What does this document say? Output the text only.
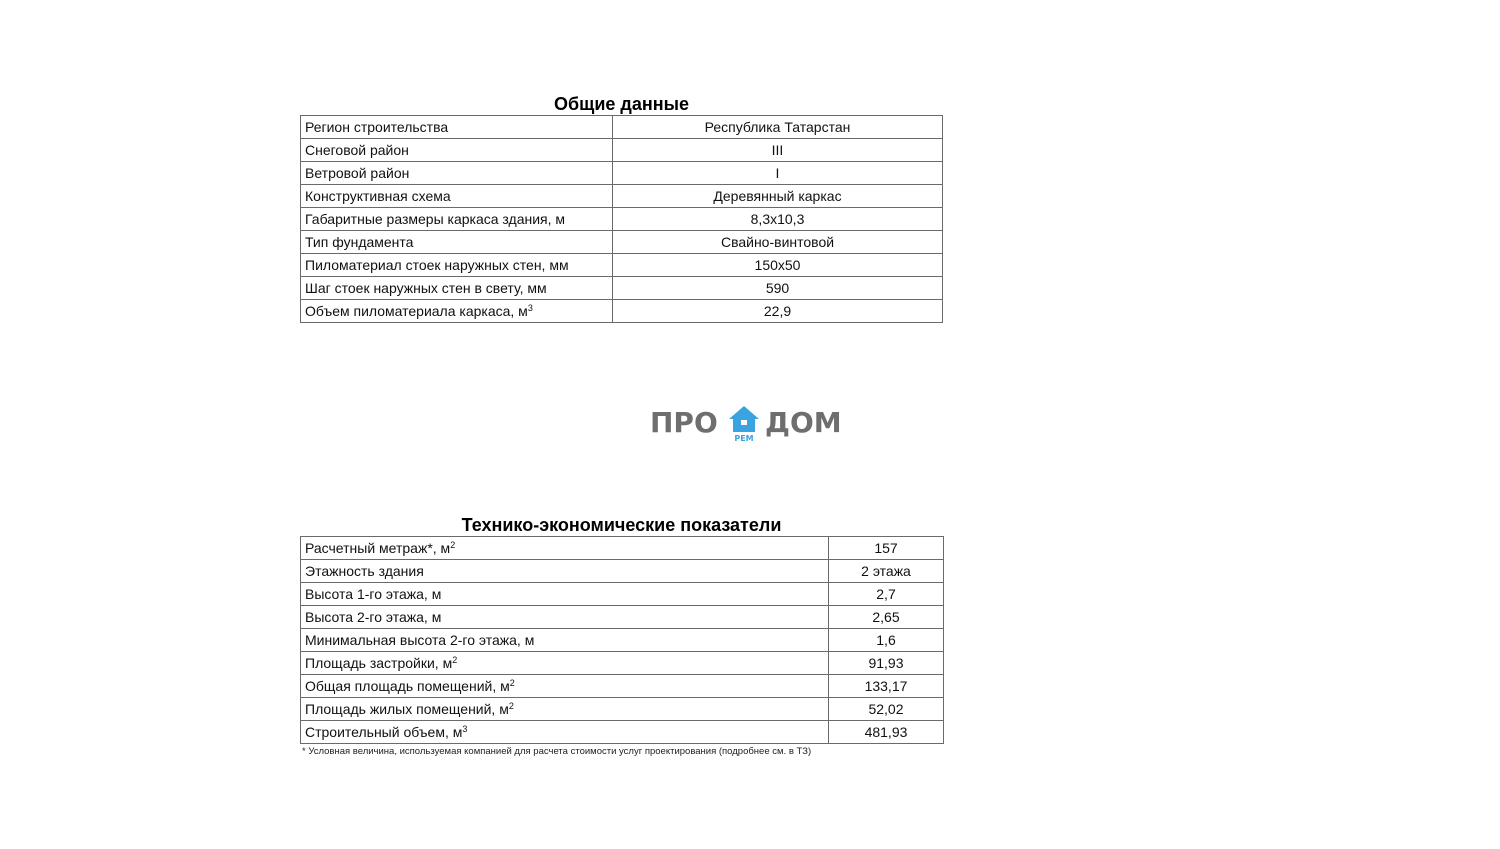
Общие данные
Регион строительства	Республика Татарстан
Снеговой район	III
Ветровой район	I
Конструктивная схема	Деревянный каркас
Габаритные размеры каркаса здания, м	8,3х10,3
Тип фундамента	Свайно-винтовой
Пиломатериал стоек наружных стен, мм	150х50
Шаг стоек наружных стен в свету, мм	590
Объем пиломатериала каркаса, $м^3$	22,9
ПРО	РЕМ ДОМ
Технико-экономические показатели
Расчетный метраж*, $м^2$	157
Этажность здания	2 этажа
Высота 1-го этажа, м	2,7
Высота 2-го этажа, м	2,65
Минимальная высота 2-го этажа, м	1,6
Площадь застройки, $м^2$	91,93
Общая площадь помещений, $м^2$	133,17
Площадь жилых помещений, $м^2$	52,02
Строительный объем, $м^3$	481,93
* Условная величина, используемая компанией для расчета стоимости услуг проектирования (подробнее см. в ТЗ)
